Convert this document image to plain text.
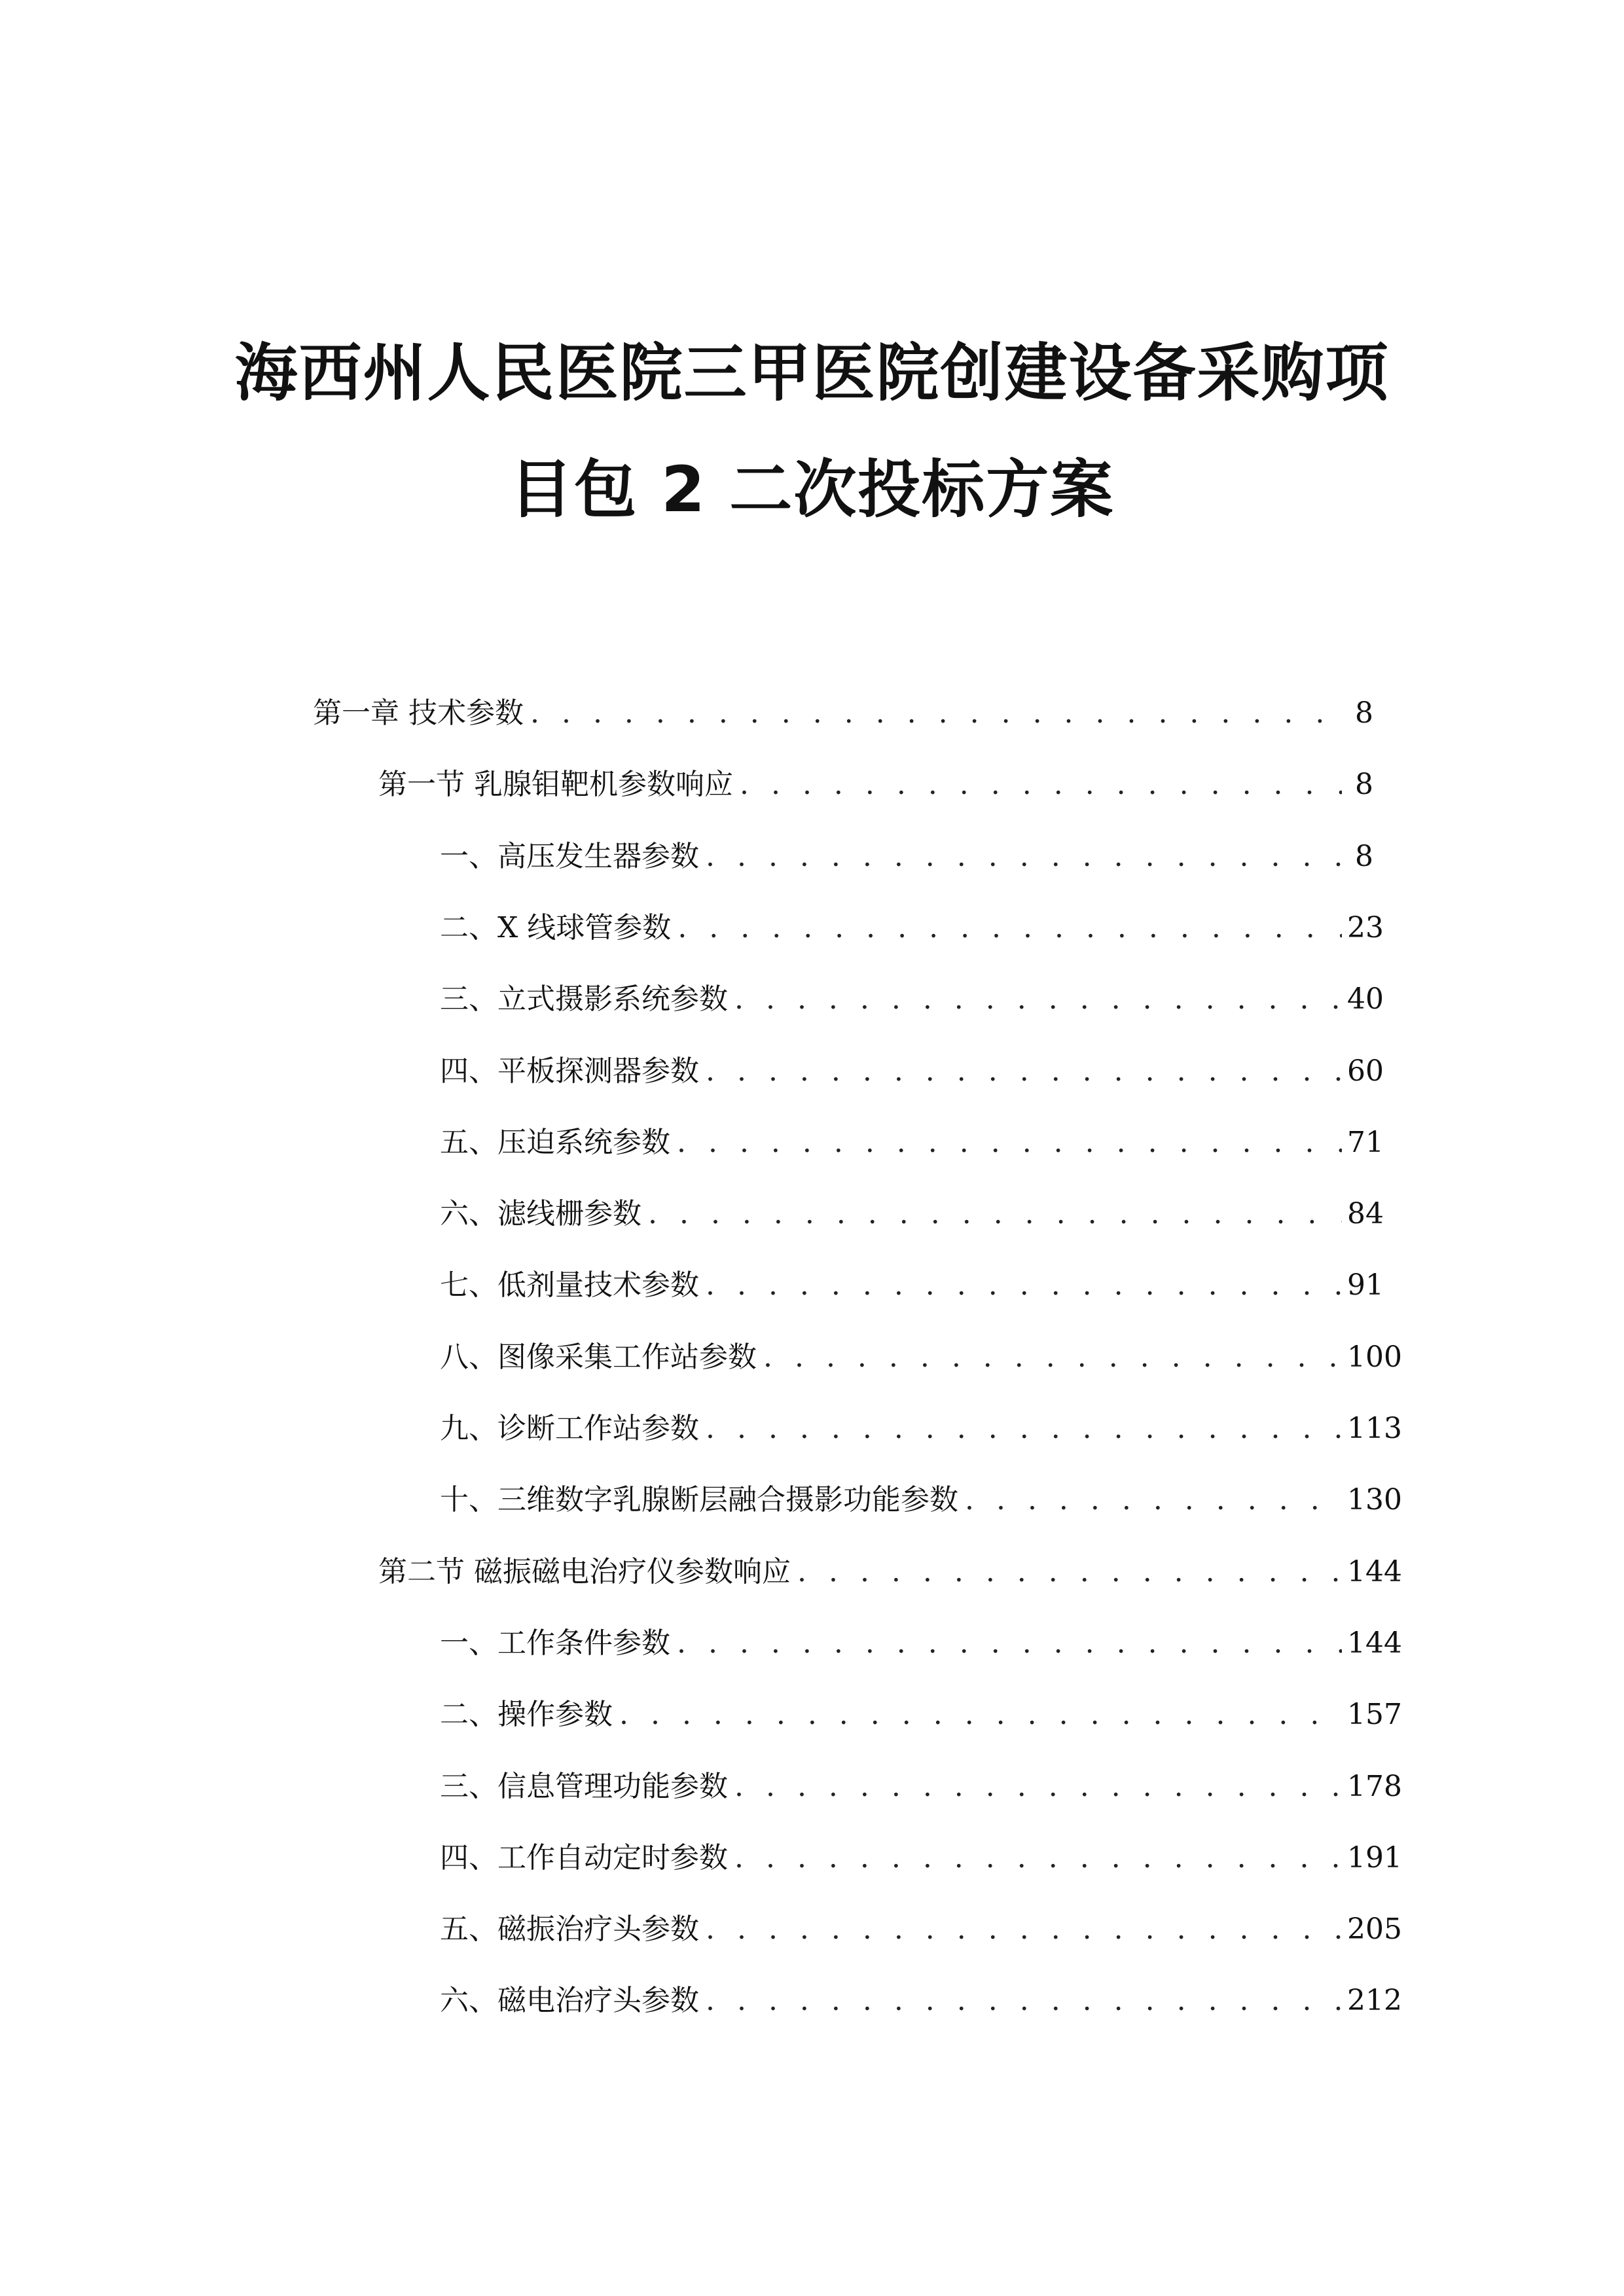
海西州人民医院三甲医院创建设备采购项
目包 2 二次投标方案
第一章 技术参数 . . .	8
第一节 乳腺钼靶机参数响应 . . .	8
一、 高压发生器参数 . . .	8
二、 X 线球管参数 . . .	23
三、 立式摄影系统参数 . . .	40
四、 平板探测器参数 . . .	60
五、 压迫系统参数 . . .	71
六、 滤线栅参数 . . .	84
七、 低剂量技术参数 . . .	91
八、 图像采集工作站参数 . . .	100
九、 诊断工作站参数 . . .	113
十、 三维数字乳腺断层融合摄影功能参数 . . .	130
第二节 磁振磁电治疗仪参数响应 . . .	144
一、 工作条件参数 . . .	144
二、 操作参数 . . .	157
三、 信息管理功能参数 . . .	178
四、 工作自动定时参数 . . .	191
五、 磁振治疗头参数 . . .	205
六、 磁电治疗头参数 . . .	212
